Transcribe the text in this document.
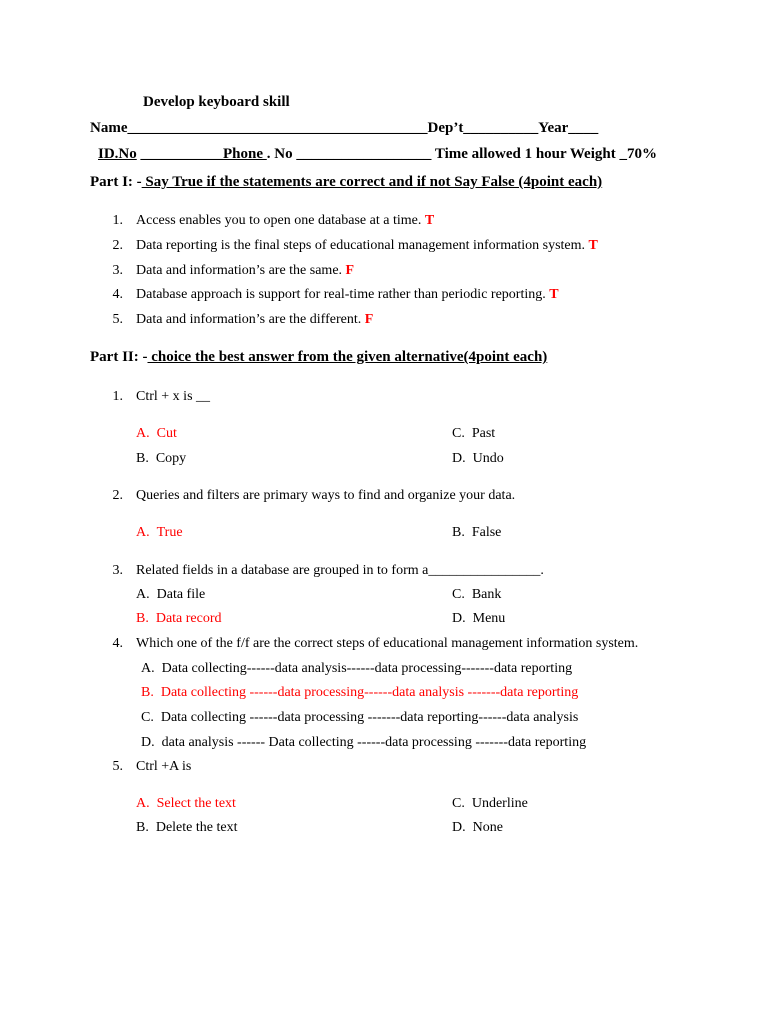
Develop keyboard skill
Name________________________________________Dep’t__________Year____
ID.No ___________Phone . No __________________ Time allowed 1 hour Weight _70%
Part I: - Say True if the statements are correct and if not Say False (4point each)
1. Access enables you to open one database at a time. T
2. Data reporting is the final steps of educational management information system. T
3. Data and information’s are the same. F
4. Database approach is support for real-time rather than periodic reporting. T
5. Data and information’s are the different. F
Part II: - choice the best answer from the given alternative(4point each)
1. Ctrl + x is __
A. Cut	C. Past
B. Copy	D. Undo
2. Queries and filters are primary ways to find and organize your data.
A. True	B. False
3. Related fields in a database are grouped in to form a________________.
A. Data file	C. Bank
B. Data record	D. Menu
4. Which one of the f/f are the correct steps of educational management information system.
A. Data collecting------data analysis------data processing-------data reporting
B. Data collecting ------data processing------data analysis -------data reporting
C. Data collecting ------data processing -------data reporting------data analysis
D. data analysis ------ Data collecting ------data processing -------data reporting
5. Ctrl +A is
A. Select the text	C. Underline
B. Delete the text	D. None
